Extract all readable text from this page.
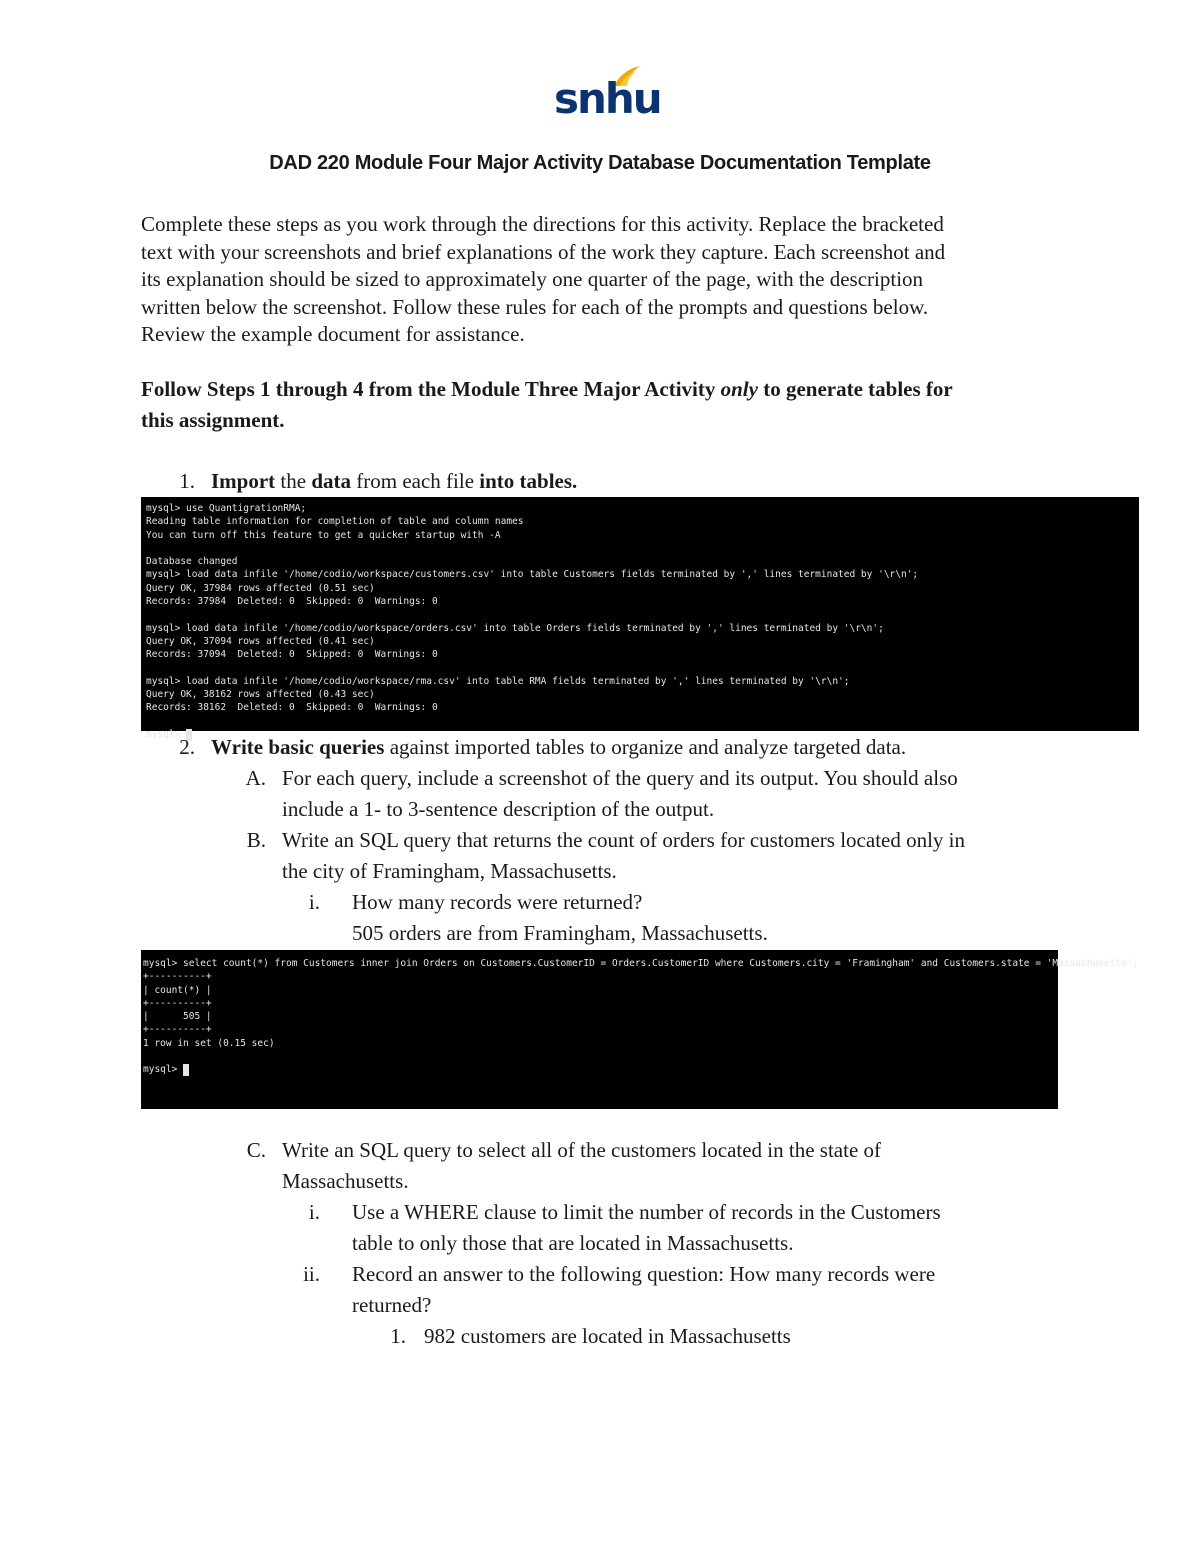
snhu
DAD 220 Module Four Major Activity Database Documentation Template
Complete these steps as you work through the directions for this activity. Replace the bracketed
text with your screenshots and brief explanations of the work they capture. Each screenshot and
its explanation should be sized to approximately one quarter of the page, with the description
written below the screenshot. Follow these rules for each of the prompts and questions below.
Review the example document for assistance.
Follow Steps 1 through 4 from the Module Three Major Activity only to generate tables for
this assignment.
1. Import the data from each file into tables.
mysql> use QuantigrationRMA;
Reading table information for completion of table and column names
You can turn off this feature to get a quicker startup with -A
Database changed
mysql> load data infile '/home/codio/workspace/customers.csv' into table Customers fields terminated by ',' lines terminated by '\r\n';
Query OK, 37984 rows affected (0.51 sec)
Records: 37984  Deleted: 0  Skipped: 0  Warnings: 0
mysql> load data infile '/home/codio/workspace/orders.csv' into table Orders fields terminated by ',' lines terminated by '\r\n';
Query OK, 37094 rows affected (0.41 sec)
Records: 37094  Deleted: 0  Skipped: 0  Warnings: 0
mysql> load data infile '/home/codio/workspace/rma.csv' into table RMA fields terminated by ',' lines terminated by '\r\n';
Query OK, 38162 rows affected (0.43 sec)
Records: 38162  Deleted: 0  Skipped: 0  Warnings: 0
mysql>
2. Write basic queries against imported tables to organize and analyze targeted data.
A. For each query, include a screenshot of the query and its output. You should also
include a 1- to 3-sentence description of the output.
B. Write an SQL query that returns the count of orders for customers located only in
the city of Framingham, Massachusetts.
i. How many records were returned?
505 orders are from Framingham, Massachusetts.
mysql> select count(*) from Customers inner join Orders on Customers.CustomerID = Orders.CustomerID where Customers.city = 'Framingham' and Customers.state = 'Massachusetts';
+----------+
| count(*) |
+----------+
|      505 |
+----------+
1 row in set (0.15 sec)
mysql>
C. Write an SQL query to select all of the customers located in the state of
Massachusetts.
i. Use a WHERE clause to limit the number of records in the Customers
table to only those that are located in Massachusetts.
ii. Record an answer to the following question: How many records were
returned?
1. 982 customers are located in Massachusetts
